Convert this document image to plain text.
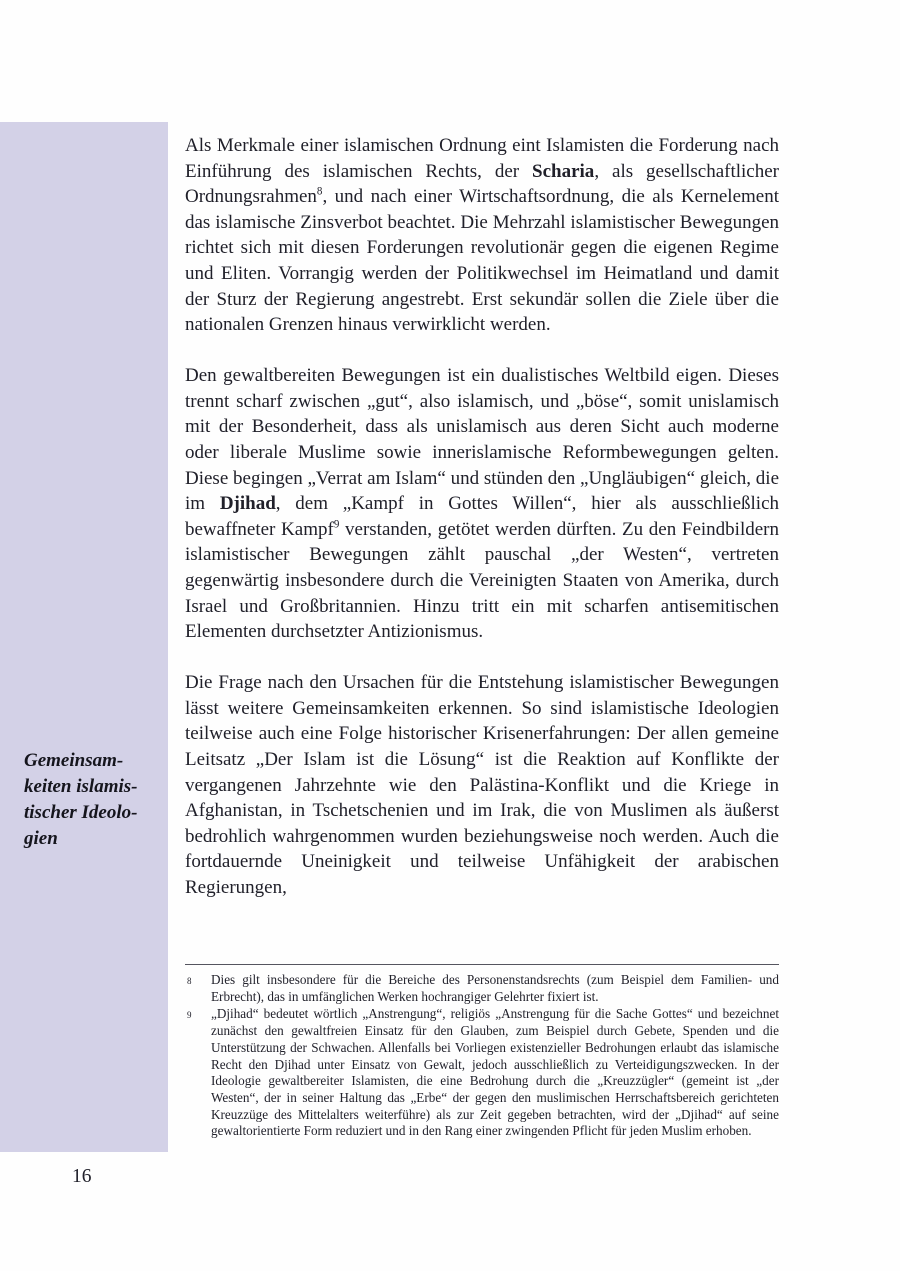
Gemeinsam-
keiten islamis-
tischer Ideolo-
gien

Als Merkmale einer islamischen Ordnung eint Islamisten die Forderung nach Einführung des islamischen Rechts, der Scharia, als gesellschaftlicher Ordnungsrahmen$^8$, und nach einer Wirtschaftsordnung, die als Kernelement das islamische Zinsverbot beachtet. Die Mehrzahl islamistischer Bewegungen richtet sich mit diesen Forderungen revolutionär gegen die eigenen Regime und Eliten. Vorrangig werden der Politikwechsel im Heimatland und damit der Sturz der Regierung angestrebt. Erst sekundär sollen die Ziele über die nationalen Grenzen hinaus verwirklicht werden.

Den gewaltbereiten Bewegungen ist ein dualistisches Weltbild eigen. Dieses trennt scharf zwischen „gut“, also islamisch, und „böse“, somit unislamisch mit der Besonderheit, dass als unislamisch aus deren Sicht auch moderne oder liberale Muslime sowie innerislamische Reformbewegungen gelten. Diese begingen „Verrat am Islam“ und stünden den „Ungläubigen“ gleich, die im Djihad, dem „Kampf in Gottes Willen“, hier als ausschließlich bewaffneter Kampf$^9$ verstanden, getötet werden dürften. Zu den Feindbildern islamistischer Bewegungen zählt pauschal „der Westen“, vertreten gegenwärtig insbesondere durch die Vereinigten Staaten von Amerika, durch Israel und Großbritannien. Hinzu tritt ein mit scharfen antisemitischen Elementen durchsetzter Antizionismus.

Die Frage nach den Ursachen für die Entstehung islamistischer Bewegungen lässt weitere Gemeinsamkeiten erkennen. So sind islamistische Ideologien teilweise auch eine Folge historischer Krisenerfahrungen: Der allen gemeine Leitsatz „Der Islam ist die Lösung“ ist die Reaktion auf Konflikte der vergangenen Jahrzehnte wie den Palästina-Konflikt und die Kriege in Afghanistan, in Tschetschenien und im Irak, die von Muslimen als äußerst bedrohlich wahrgenommen wurden beziehungsweise noch werden. Auch die fortdauernde Uneinigkeit und teilweise Unfähigkeit der arabischen Regierungen,

8	Dies gilt insbesondere für die Bereiche des Personenstandsrechts (zum Beispiel dem Familien- und Erbrecht), das in umfänglichen Werken hochrangiger Gelehrter fixiert ist.
9	„Djihad“ bedeutet wörtlich „Anstrengung“, religiös „Anstrengung für die Sache Gottes“ und bezeichnet zunächst den gewaltfreien Einsatz für den Glauben, zum Beispiel durch Gebete, Spenden und die Unterstützung der Schwachen. Allenfalls bei Vorliegen existenzieller Bedrohungen erlaubt das islamische Recht den Djihad unter Einsatz von Gewalt, jedoch ausschließlich zu Verteidigungszwecken. In der Ideologie gewaltbereiter Islamisten, die eine Bedrohung durch die „Kreuzzügler“ (gemeint ist „der Westen“, der in seiner Haltung das „Erbe“ der gegen den muslimischen Herrschaftsbereich gerichteten Kreuzzüge des Mittelalters weiterführe) als zur Zeit gegeben betrachten, wird der „Djihad“ auf seine gewaltorientierte Form reduziert und in den Rang einer zwingenden Pflicht für jeden Muslim erhoben.
16
